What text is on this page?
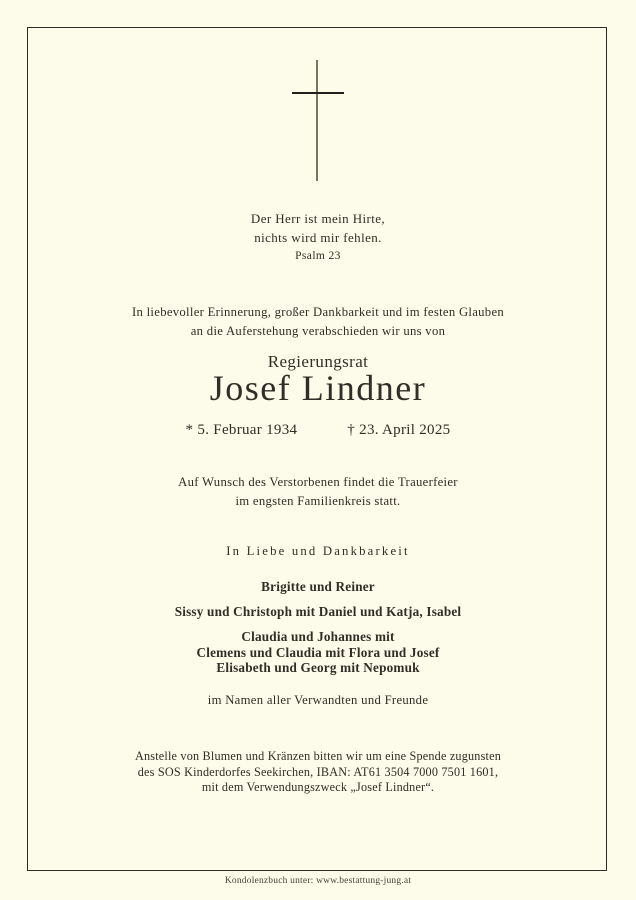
Der Herr ist mein Hirte,
nichts wird mir fehlen.
Psalm 23
In liebevoller Erinnerung, großer Dankbarkeit und im festen Glauben
an die Auferstehung verabschieden wir uns von
Regierungsrat
Josef Lindner
* 5. Februar 1934	† 23. April 2025
Auf Wunsch des Verstorbenen findet die Trauerfeier
im engsten Familienkreis statt.
In Liebe und Dankbarkeit
Brigitte und Reiner
Sissy und Christoph mit Daniel und Katja, Isabel
Claudia und Johannes mit
Clemens und Claudia mit Flora und Josef
Elisabeth und Georg mit Nepomuk
im Namen aller Verwandten und Freunde
Anstelle von Blumen und Kränzen bitten wir um eine Spende zugunsten
des SOS Kinderdorfes Seekirchen, IBAN: AT61 3504 7000 7501 1601,
mit dem Verwendungszweck „Josef Lindner“.
Kondolenzbuch unter: www.bestattung-jung.at
